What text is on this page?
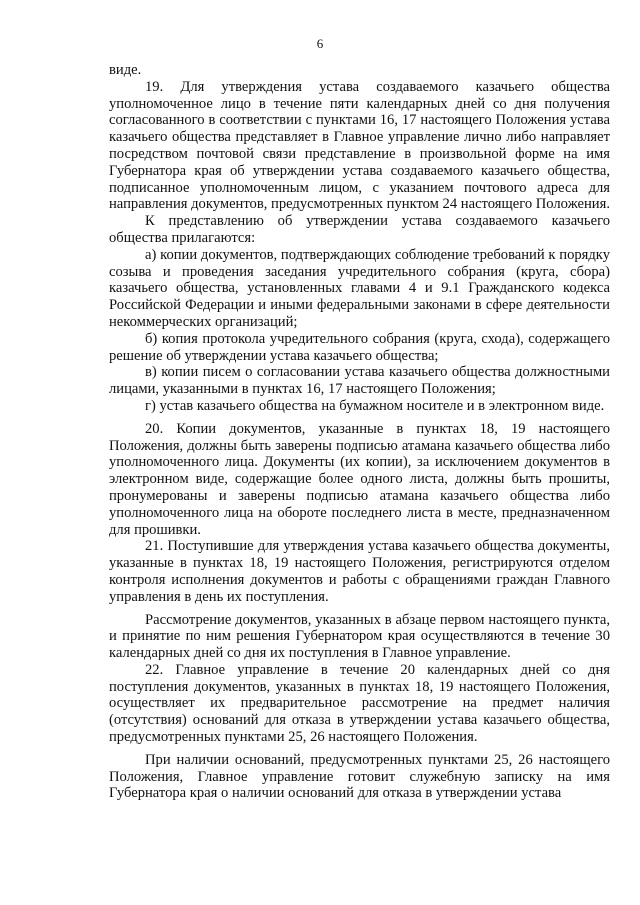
6

виде.

19. Для утверждения устава создаваемого казачьего общества уполномоченное лицо в течение пяти календарных дней со дня получения согласованного в соответствии с пунктами 16, 17 настоящего Положения устава казачьего общества представляет в Главное управление лично либо направляет посредством почтовой связи представление в произвольной форме на имя Губернатора края об утверждении устава создаваемого казачьего общества, подписанное уполномоченным лицом, с указанием почтового адреса для направления документов, предусмотренных пунктом 24 настоящего Положения.

К представлению об утверждении устава создаваемого казачьего общества прилагаются:

а) копии документов, подтверждающих соблюдение требований к порядку созыва и проведения заседания учредительного собрания (круга, сбора) казачьего общества, установленных главами 4 и 9.1 Гражданского кодекса Российской Федерации и иными федеральными законами в сфере деятельности некоммерческих организаций;

б) копия протокола учредительного собрания (круга, схода), содержащего решение об утверждении устава казачьего общества;

в) копии писем о согласовании устава казачьего общества должностными лицами, указанными в пунктах 16, 17 настоящего Положения;

г) устав казачьего общества на бумажном носителе и в электронном виде.

20. Копии документов, указанные в пунктах 18, 19 настоящего Положения, должны быть заверены подписью атамана казачьего общества либо уполномоченного лица. Документы (их копии), за исключением документов в электронном виде, содержащие более одного листа, должны быть прошиты, пронумерованы и заверены подписью атамана казачьего общества либо уполномоченного лица на обороте последнего листа в месте, предназначенном для прошивки.

21. Поступившие для утверждения устава казачьего общества документы, указанные в пунктах 18, 19 настоящего Положения, регистрируются отделом контроля исполнения документов и работы с обращениями граждан Главного управления в день их поступления.

Рассмотрение документов, указанных в абзаце первом настоящего пункта, и принятие по ним решения Губернатором края осуществляются в течение 30 календарных дней со дня их поступления в Главное управление.

22. Главное управление в течение 20 календарных дней со дня поступления документов, указанных в пунктах 18, 19 настоящего Положения, осуществляет их предварительное рассмотрение на предмет наличия (отсутствия) оснований для отказа в утверждении устава казачьего общества, предусмотренных пунктами 25, 26 настоящего Положения.

При наличии оснований, предусмотренных пунктами 25, 26 настоящего Положения, Главное управление готовит служебную записку на имя Губернатора края о наличии оснований для отказа в утверждении устава
